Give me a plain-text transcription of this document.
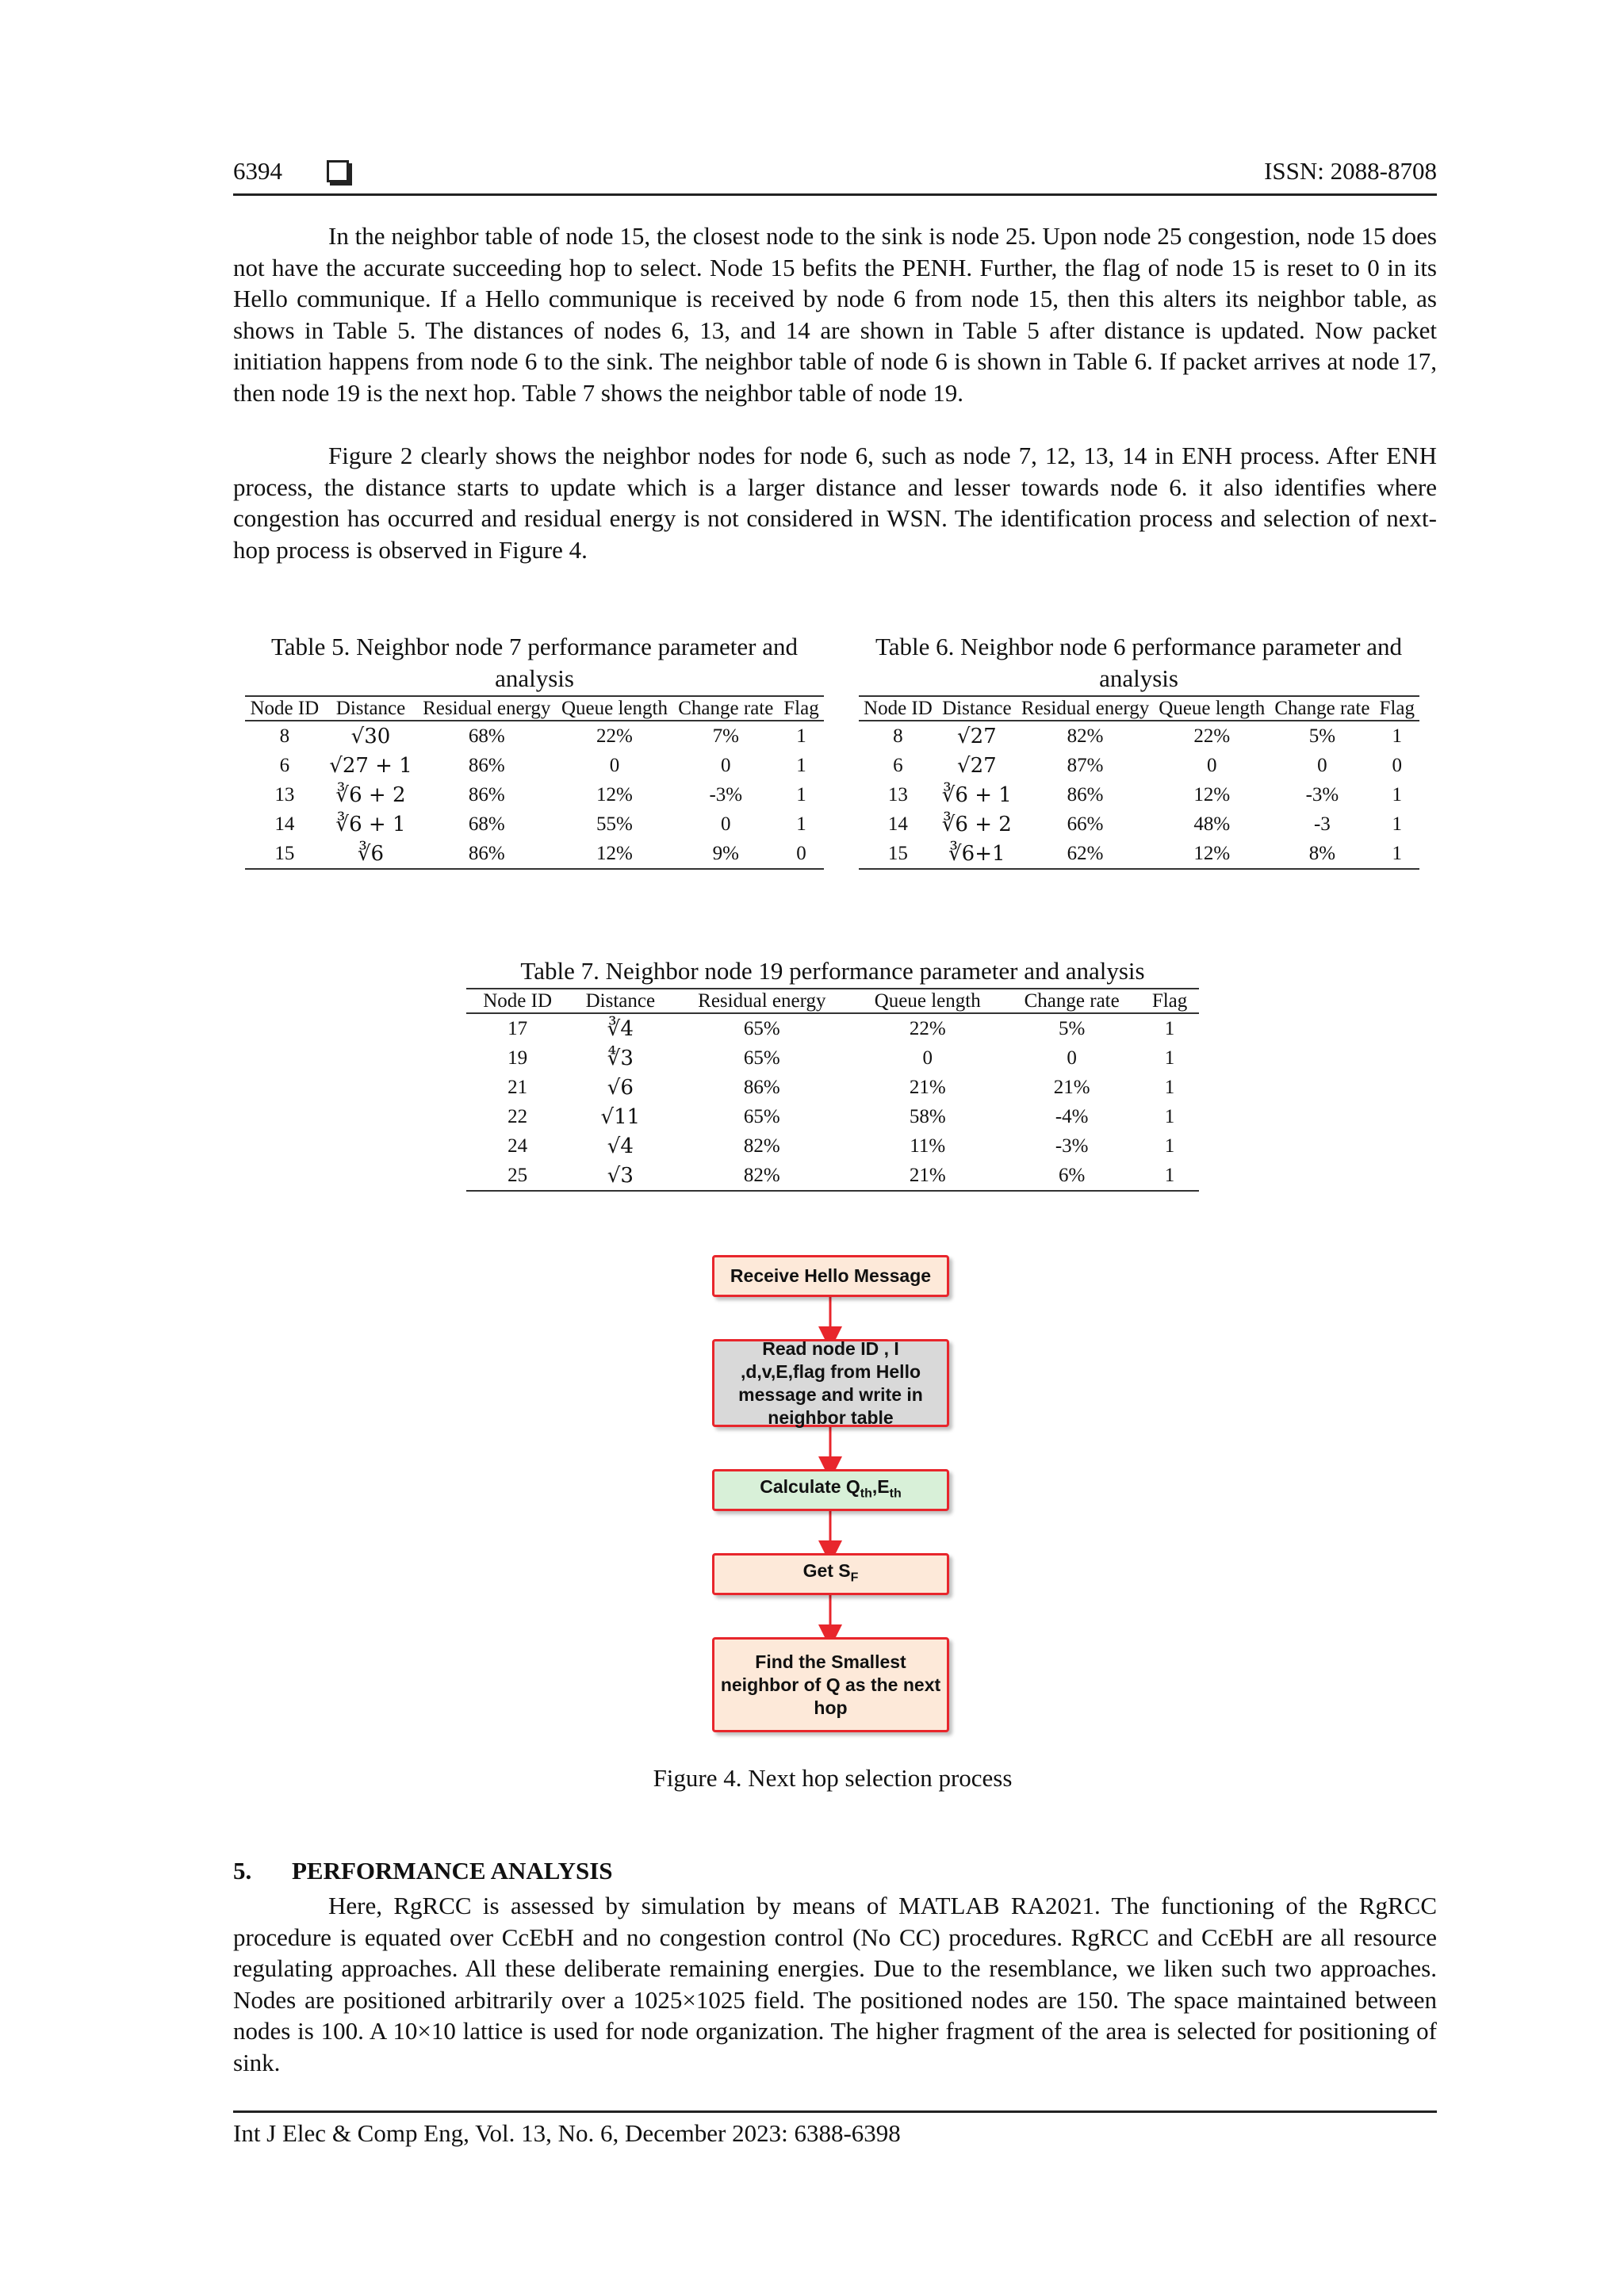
6394	ISSN: 2088-8708

In the neighbor table of node 15, the closest node to the sink is node 25. Upon node 25 congestion, node 15 does not have the accurate succeeding hop to select. Node 15 befits the PENH. Further, the flag of node 15 is reset to 0 in its Hello communique. If a Hello communique is received by node 6 from node 15, then this alters its neighbor table, as shows in Table 5. The distances of nodes 6, 13, and 14 are shown in Table 5 after distance is updated. Now packet initiation happens from node 6 to the sink. The neighbor table of node 6 is shown in Table 6. If packet arrives at node 17, then node 19 is the next hop. Table 7 shows the neighbor table of node 19.

Figure 2 clearly shows the neighbor nodes for node 6, such as node 7, 12, 13, 14 in ENH process. After ENH process, the distance starts to update which is a larger distance and lesser towards node 6. it also identifies where congestion has occurred and residual energy is not considered in WSN. The identification process and selection of next-hop process is observed in Figure 4.

Table 5. Neighbor node 7 performance parameter and analysis
Node ID	Distance	Residual energy	Queue length	Change rate	Flag
8	√30	68%	22%	7%	1
6	√27 + 1	86%	0	0	1
13	∛6 + 2	86%	12%	-3%	1
14	∛6 + 1	68%	55%	0	1
15	∛6	86%	12%	9%	0
Table 6. Neighbor node 6 performance parameter and analysis
Node ID	Distance	Residual energy	Queue length	Change rate	Flag
8	√27	82%	22%	5%	1
6	√27	87%	0	0	0
13	∛6 + 1	86%	12%	-3%	1
14	∛6 + 2	66%	48%	-3	1
15	∛6+1	62%	12%	8%	1
Table 7. Neighbor node 19 performance parameter and analysis
Node ID	Distance	Residual energy	Queue length	Change rate	Flag
17	∛4	65%	22%	5%	1
19	∜3	65%	0	0	1
21	√6	86%	21%	21%	1
22	√11	65%	58%	-4%	1
24	√4	82%	11%	-3%	1
25	√3	82%	21%	6%	1
Receive Hello Message
Read node ID , I ,d,v,E,flag from Hello message and write in neighbor table
Calculate $Q_{th},E_{th}$
Get $S_F$
Find the Smallest neighbor of Q as the next hop
Figure 4. Next hop selection process
5. PERFORMANCE ANALYSIS

Here, RgRCC is assessed by simulation by means of MATLAB RA2021. The functioning of the RgRCC procedure is equated over CcEbH and no congestion control (No CC) procedures. RgRCC and CcEbH are all resource regulating approaches. All these deliberate remaining energies. Due to the resemblance, we liken such two approaches. Nodes are positioned arbitrarily over a 1025×1025 field. The positioned nodes are 150. The space maintained between nodes is 100. A 10×10 lattice is used for node organization. The higher fragment of the area is selected for positioning of sink.

Int J Elec & Comp Eng, Vol. 13, No. 6, December 2023: 6388-6398
